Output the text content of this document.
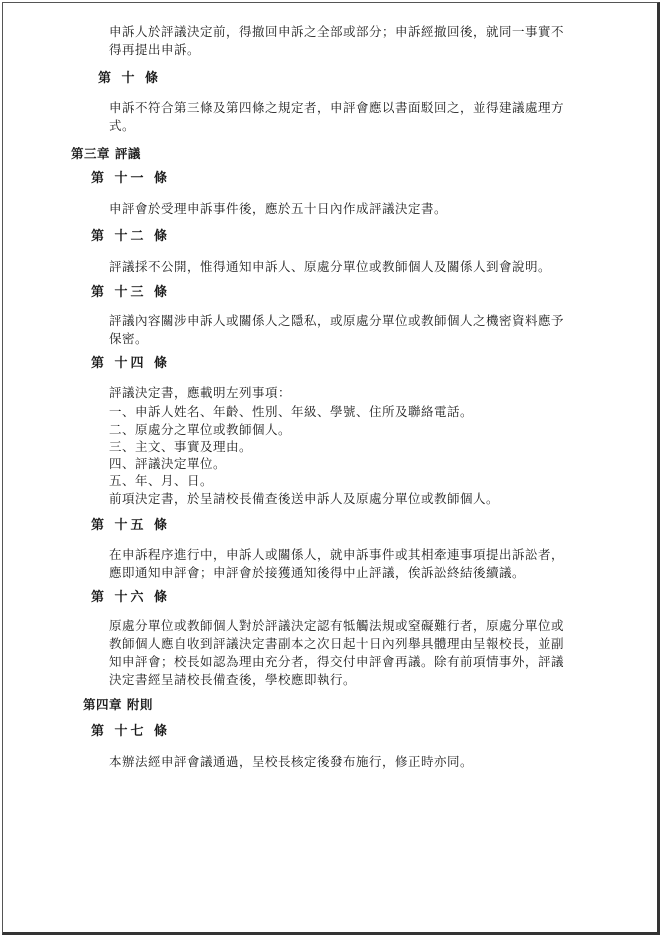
申訴人於評議決定前，得撤回申訴之全部或部分；申訴經撤回後，就同一事實不
得再提出申訴。
第 十 條
申訴不符合第三條及第四條之規定者，申評會應以書面駁回之，並得建議處理方
式。
第三章 評議
第 十一 條
申評會於受理申訴事件後，應於五十日內作成評議決定書。
第 十二 條
評議採不公開，惟得通知申訴人、原處分單位或教師個人及關係人到會說明。
第 十三 條
評議內容關涉申訴人或關係人之隱私，或原處分單位或教師個人之機密資料應予
保密。
第 十四 條
評議決定書，應載明左列事項：
一、申訴人姓名、年齡、性別、年級、學號、住所及聯絡電話。
二、原處分之單位或教師個人。
三、主文、事實及理由。
四、評議決定單位。
五、年、月、日。
前項決定書，於呈請校長備查後送申訴人及原處分單位或教師個人。
第 十五 條
在申訴程序進行中，申訴人或關係人，就申訴事件或其相牽連事項提出訴訟者，
應即通知申評會；申評會於接獲通知後得中止評議，俟訴訟終結後續議。
第 十六 條
原處分單位或教師個人對於評議決定認有牴觸法規或窒礙難行者，原處分單位或
教師個人應自收到評議決定書副本之次日起十日內列舉具體理由呈報校長，並副
知申評會；校長如認為理由充分者，得交付申評會再議。除有前項情事外，評議
決定書經呈請校長備查後，學校應即執行。
第四章 附則
第 十七 條
本辦法經申評會議通過，呈校長核定後發布施行，修正時亦同。
